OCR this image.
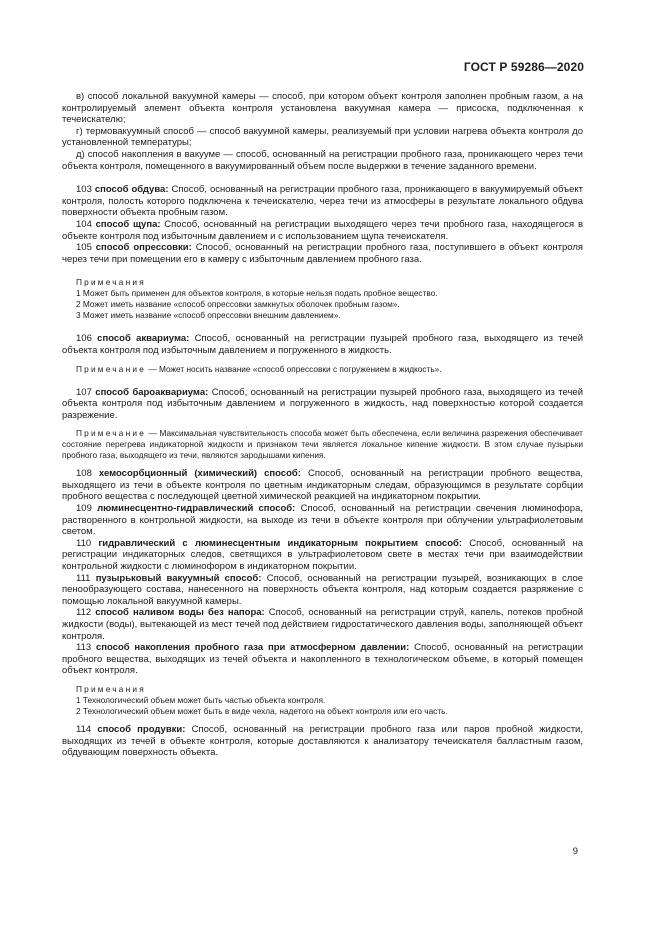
ГОСТ Р 59286—2020

в) способ локальной вакуумной камеры — способ, при котором объект контроля заполнен пробным газом, а на контролируемый элемент объекта контроля установлена вакуумная камера — присоска, подключенная к течеискателю;

г) термовакуумный способ — способ вакуумной камеры, реализуемый при условии нагрева объекта контроля до установленной температуры;

д) способ накопления в вакууме — способ, основанный на регистрации пробного газа, проникающего через течи объекта контроля, помещенного в вакуумированный объем после выдержки в течение заданного времени.

103 способ обдува: Способ, основанный на регистрации пробного газа, проникающего в вакуумируемый объект контроля, полость которого подключена к течеискателю, через течи из атмосферы в результате локального обдува поверхности объекта пробным газом.

104 способ щупа: Способ, основанный на регистрации выходящего через течи пробного газа, находящегося в объекте контроля под избыточным давлением и с использованием щупа течеискателя.

105 способ опрессовки: Способ, основанный на регистрации пробного газа, поступившего в объект контроля через течи при помещении его в камеру с избыточным давлением пробного газа.

Примечания

1 Может быть применен для объектов контроля, в которые нельзя подать пробное вещество.

2 Может иметь название «способ опрессовки замкнутых оболочек пробным газом».

3 Может иметь название «способ опрессовки внешним давлением».

106 способ аквариума: Способ, основанный на регистрации пузырей пробного газа, выходящего из течей объекта контроля под избыточным давлением и погруженного в жидкость.

Примечание — Может носить название «способ опрессовки с погружением в жидкость».

107 способ бароаквариума: Способ, основанный на регистрации пузырей пробного газа, выходящего из течей объекта контроля под избыточным давлением и погруженного в жидкость, над поверхностью которой создается разрежение.

Примечание — Максимальная чувствительность способа может быть обеспечена, если величина разрежения обеспечивает состояние перегрева индикаторной жидкости и признаком течи является локальное кипение жидкости. В этом случае пузырьки пробного газа, выходящего из течи, являются зародышами кипения.

108 хемосорбционный (химический) способ: Способ, основанный на регистрации пробного вещества, выходящего из течи в объекте контроля по цветным индикаторным следам, образующимся в результате сорбции пробного вещества с последующей цветной химической реакцией на индикаторном покрытии.

109 люминесцентно-гидравлический способ: Способ, основанный на регистрации свечения люминофора, растворенного в контрольной жидкости, на выходе из течи в объекте контроля при облучении ультрафиолетовым светом.

110 гидравлический с люминесцентным индикаторным покрытием способ: Способ, основанный на регистрации индикаторных следов, светящихся в ультрафиолетовом свете в местах течи при взаимодействии контрольной жидкости с люминофором в индикаторном покрытии.

111 пузырьковый вакуумный способ: Способ, основанный на регистрации пузырей, возникающих в слое пенообразующего состава, нанесенного на поверхность объекта контроля, над которым создается разряжение с помощью локальной вакуумной камеры.

112 способ наливом воды без напора: Способ, основанный на регистрации струй, капель, потеков пробной жидкости (воды), вытекающей из мест течей под действием гидростатического давления воды, заполняющей объект контроля.

113 способ накопления пробного газа при атмосферном давлении: Способ, основанный на регистрации пробного вещества, выходящих из течей объекта и накопленного в технологическом объеме, в который помещен объект контроля.

Примечания

1 Технологический объем может быть частью объекта контроля.

2 Технологический объем может быть в виде чехла, надетого на объект контроля или его часть.

114 способ продувки: Способ, основанный на регистрации пробного газа или паров пробной жидкости, выходящих из течей в объекте контроля, которые доставляются к анализатору течеискателя балластным газом, обдувающим поверхность объекта.

9
